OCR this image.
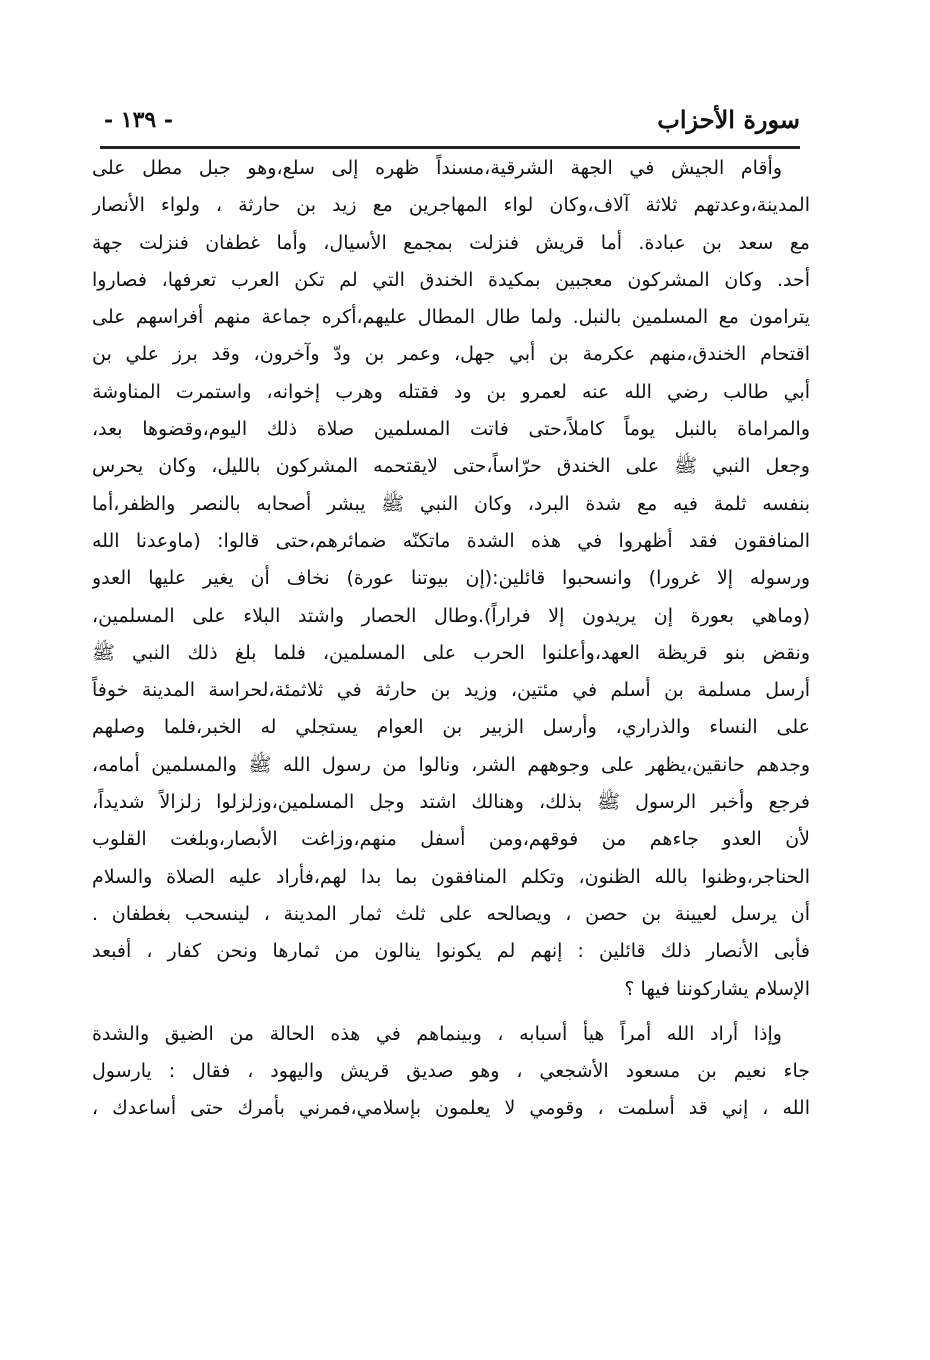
سورة الأحزاب
- ١٣٩ -
وأقام الجيش في الجهة الشرقية،مسنداً ظهره إلى سلع،وهو جبل مطل على
المدينة،وعدتهم ثلاثة آلاف،وكان لواء المهاجرين مع زيد بن حارثة ، ولواء الأنصار
مع سعد بن عبادة. أما قريش فنزلت بمجمع الأسيال، وأما غطفان فنزلت جهة
أحد. وكان المشركون معجبين بمكيدة الخندق التي لم تكن العرب تعرفها، فصاروا
يترامون مع المسلمين بالنبل. ولما طال المطال عليهم،أكره جماعة منهم أفراسهم على
اقتحام الخندق،منهم عكرمة بن أبي جهل، وعمر بن ودّ وآخرون، وقد برز علي بن
أبي طالب رضي الله عنه لعمرو بن ود فقتله وهرب إخوانه، واستمرت المناوشة
والمراماة بالنبل يوماً كاملاً،حتى فاتت المسلمين صلاة ذلك اليوم،وقضوها بعد،
وجعل النبي ﷺ على الخندق حرّاساً،حتى لايقتحمه المشركون بالليل، وكان يحرس
بنفسه ثلمة فيه مع شدة البرد، وكان النبي ﷺ يبشر أصحابه بالنصر والظفر،أما
المنافقون فقد أظهروا في هذه الشدة ماتكنّه ضمائرهم،حتى قالوا: (ماوعدنا الله
ورسوله إلا غرورا) وانسحبوا قائلين:(إن بيوتنا عورة) نخاف أن يغير عليها العدو
(وماهي بعورة إن يريدون إلا فراراً).وطال الحصار واشتد البلاء على المسلمين،
ونقض بنو قريظة العهد،وأعلنوا الحرب على المسلمين، فلما بلغ ذلك النبي ﷺ
أرسل مسلمة بن أسلم في مئتين، وزيد بن حارثة في ثلاثمئة،لحراسة المدينة خوفاً
على النساء والذراري، وأرسل الزبير بن العوام يستجلي له الخبر،فلما وصلهم
وجدهم حانقين،يظهر على وجوههم الشر، ونالوا من رسول الله ﷺ والمسلمين أمامه،
فرجع وأخبر الرسول ﷺ بذلك، وهنالك اشتد وجل المسلمين،وزلزلوا زلزالاً شديداً،
لأن العدو جاءهم من فوقهم،ومن أسفل منهم،وزاغت الأبصار،وبلغت القلوب
الحناجر،وظنوا بالله الظنون، وتكلم المنافقون بما بدا لهم،فأراد عليه الصلاة والسلام
أن يرسل لعيينة بن حصن ، ويصالحه على ثلث ثمار المدينة ، لينسحب بغطفان .
فأبى الأنصار ذلك قائلين : إنهم لم يكونوا ينالون من ثمارها ونحن كفار ، أفبعد
الإسلام يشاركوننا فيها ؟
وإذا أراد الله أمراً هيأ أسبابه ، وبينماهم في هذه الحالة من الضيق والشدة
جاء نعيم بن مسعود الأشجعي ، وهو صديق قريش واليهود ، فقال : يارسول
الله ، إني قد أسلمت ، وقومي لا يعلمون بإسلامي،فمرني بأمرك حتى أساعدك ،
